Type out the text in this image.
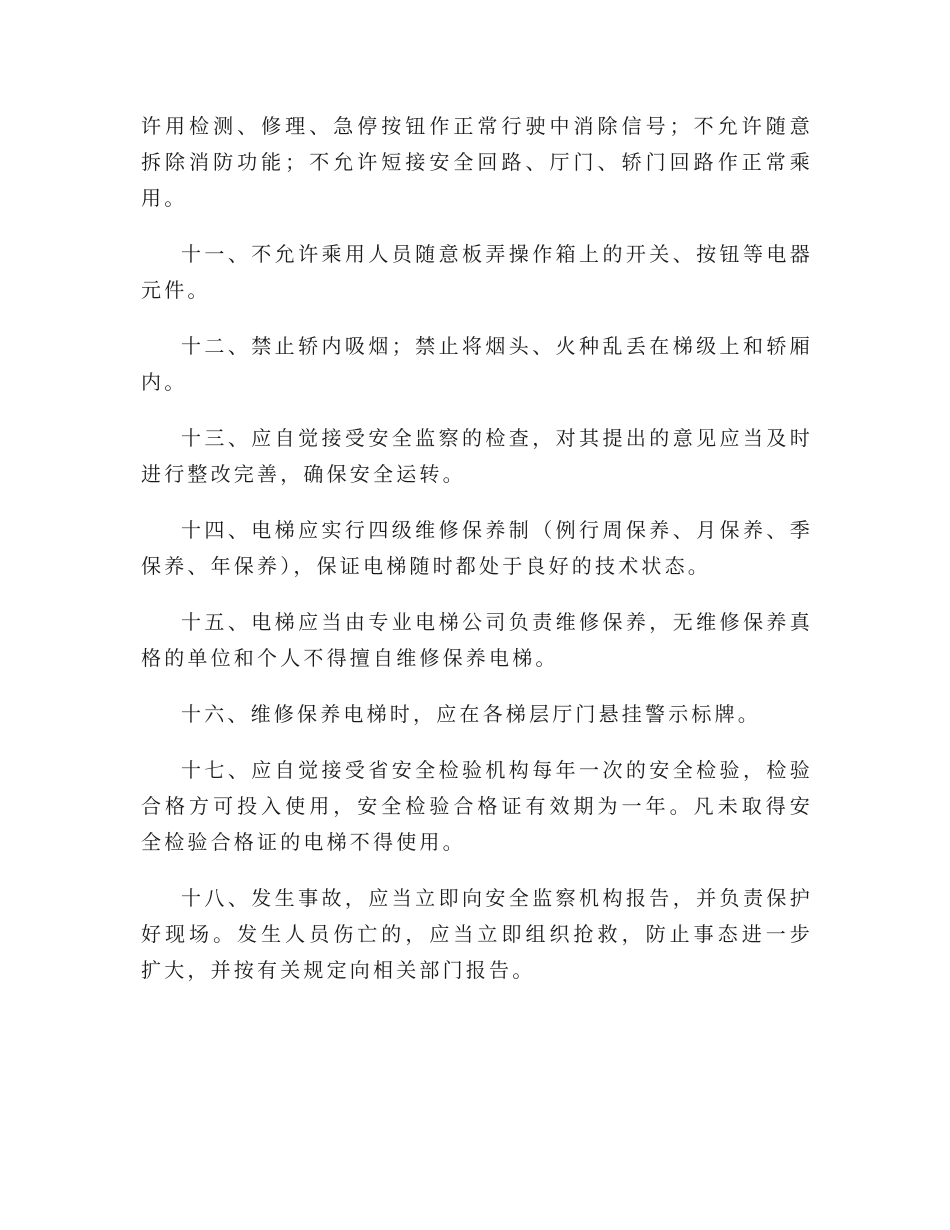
许用检测、修理、急停按钮作正常行驶中消除信号；不允许随意拆除消防功能；不允许短接安全回路、厅门、轿门回路作正常乘用。

十一、不允许乘用人员随意板弄操作箱上的开关、按钮等电器元件。

十二、禁止轿内吸烟；禁止将烟头、火种乱丢在梯级上和轿厢内。

十三、应自觉接受安全监察的检查，对其提出的意见应当及时进行整改完善，确保安全运转。

十四、电梯应实行四级维修保养制（例行周保养、月保养、季保养、年保养），保证电梯随时都处于良好的技术状态。

十五、电梯应当由专业电梯公司负责维修保养，无维修保养真格的单位和个人不得擅自维修保养电梯。

十六、维修保养电梯时，应在各梯层厅门悬挂警示标牌。

十七、应自觉接受省安全检验机构每年一次的安全检验，检验合格方可投入使用，安全检验合格证有效期为一年。凡未取得安全检验合格证的电梯不得使用。

十八、发生事故，应当立即向安全监察机构报告，并负责保护好现场。发生人员伤亡的，应当立即组织抢救，防止事态进一步扩大，并按有关规定向相关部门报告。
